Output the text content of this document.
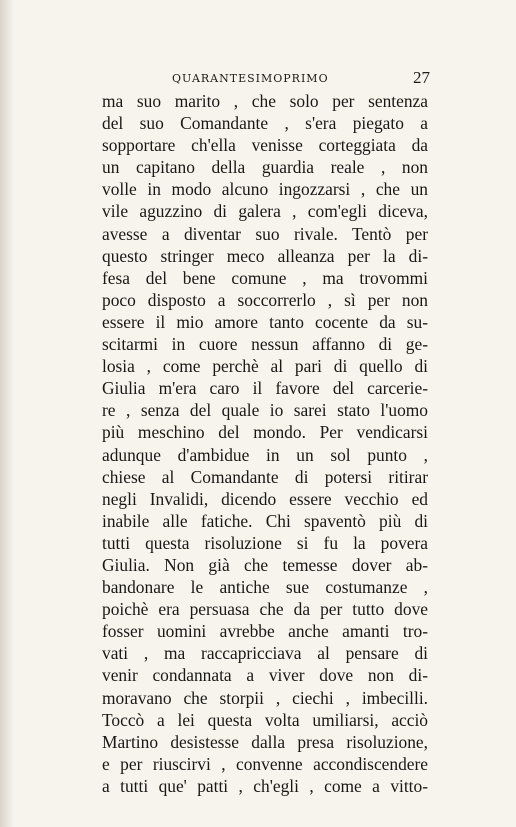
QUARANTESIMOPRIMO	27
ma suo marito , che solo per sentenza
del suo Comandante , s'era piegato a
sopportare ch'ella venisse corteggiata da
un capitano della guardia reale , non
volle in modo alcuno ingozzarsi , che un
vile aguzzino di galera , com'egli diceva,
avesse a diventar suo rivale. Tentò per
questo stringer meco alleanza per la di-
fesa del bene comune , ma trovommi
poco disposto a soccorrerlo , sì per non
essere il mio amore tanto cocente da su-
scitarmi in cuore nessun affanno di ge-
losia , come perchè al pari di quello di
Giulia m'era caro il favore del carcerie-
re , senza del quale io sarei stato l'uomo
più meschino del mondo. Per vendicarsi
adunque d'ambidue in un sol punto ,
chiese al Comandante di potersi ritirar
negli Invalidi, dicendo essere vecchio ed
inabile alle fatiche. Chi spaventò più di
tutti questa risoluzione si fu la povera
Giulia. Non già che temesse dover ab-
bandonare le antiche sue costumanze ,
poichè era persuasa che da per tutto dove
fosser uomini avrebbe anche amanti tro-
vati , ma raccapricciava al pensare di
venir condannata a viver dove non di-
moravano che storpii , ciechi , imbecilli.
Toccò a lei questa volta umiliarsi, acciò
Martino desistesse dalla presa risoluzione,
e per riuscirvi , convenne accondiscendere
a tutti que' patti , ch'egli , come a vitto-
